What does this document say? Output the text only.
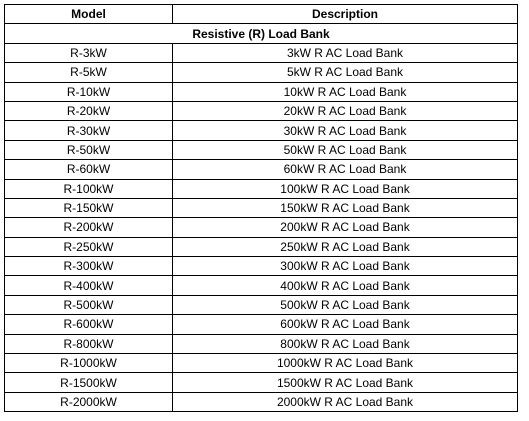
Model	Description
Resistive (R) Load Bank	
R-3kW	3kW R AC Load Bank
R-5kW	5kW R AC Load Bank
R-10kW	10kW R AC Load Bank
R-20kW	20kW R AC Load Bank
R-30kW	30kW R AC Load Bank
R-50kW	50kW R AC Load Bank
R-60kW	60kW R AC Load Bank
R-100kW	100kW R AC Load Bank
R-150kW	150kW R AC Load Bank
R-200kW	200kW R AC Load Bank
R-250kW	250kW R AC Load Bank
R-300kW	300kW R AC Load Bank
R-400kW	400kW R AC Load Bank
R-500kW	500kW R AC Load Bank
R-600kW	600kW R AC Load Bank
R-800kW	800kW R AC Load Bank
R-1000kW	1000kW R AC Load Bank
R-1500kW	1500kW R AC Load Bank
R-2000kW	2000kW R AC Load Bank
